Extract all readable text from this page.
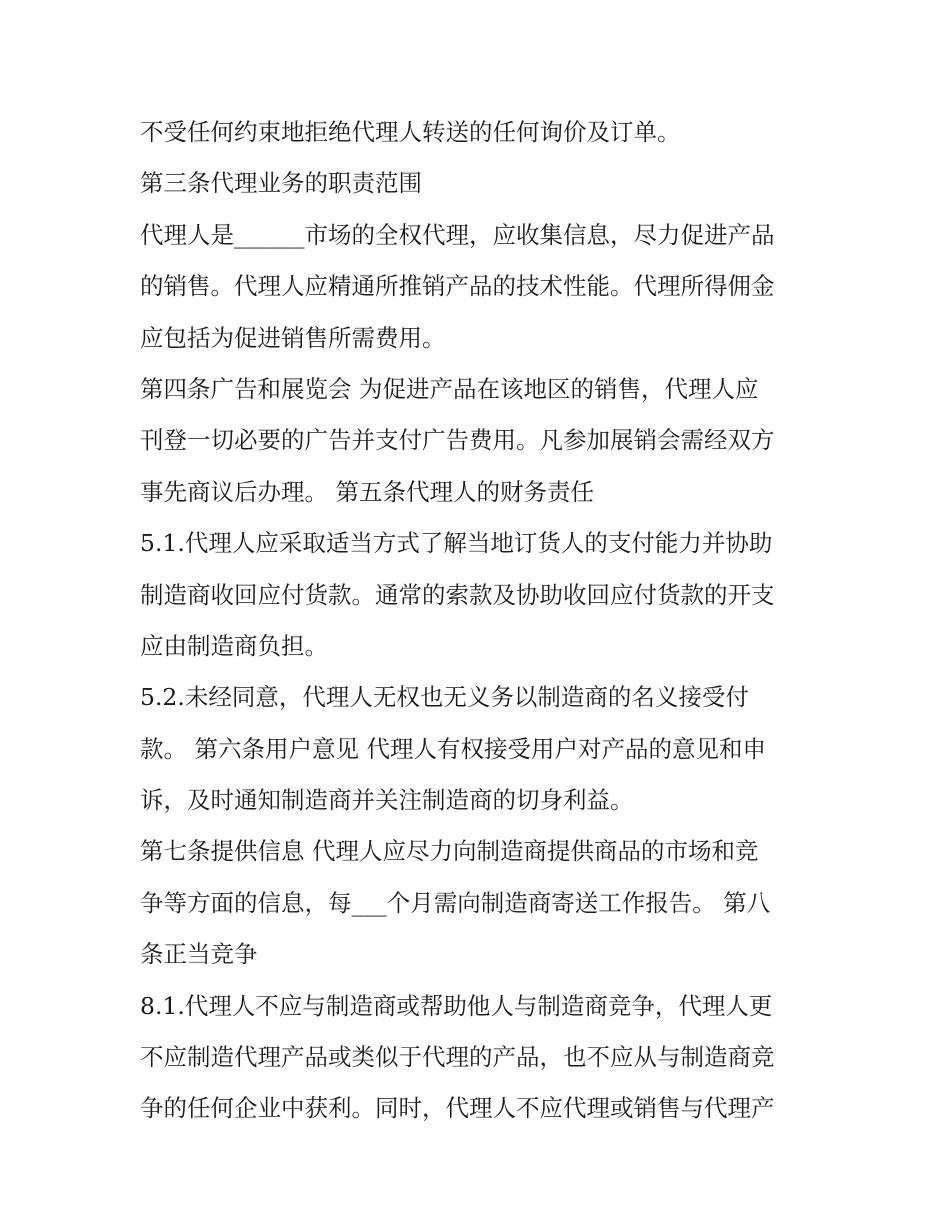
不受任何约束地拒绝代理人转送的任何询价及订单。
第三条代理业务的职责范围
代理人是______市场的全权代理，应收集信息，尽力促进产品
的销售。代理人应精通所推销产品的技术性能。代理所得佣金
应包括为促进销售所需费用。
第四条广告和展览会 为促进产品在该地区的销售，代理人应
刊登一切必要的广告并支付广告费用。凡参加展销会需经双方
事先商议后办理。 第五条代理人的财务责任
5.1.代理人应采取适当方式了解当地订货人的支付能力并协助
制造商收回应付货款。通常的索款及协助收回应付货款的开支
应由制造商负担。
5.2.未经同意，代理人无权也无义务以制造商的名义接受付
款。 第六条用户意见 代理人有权接受用户对产品的意见和申
诉，及时通知制造商并关注制造商的切身利益。
第七条提供信息 代理人应尽力向制造商提供商品的市场和竞
争等方面的信息，每___个月需向制造商寄送工作报告。 第八
条正当竞争
8.1.代理人不应与制造商或帮助他人与制造商竞争，代理人更
不应制造代理产品或类似于代理的产品，也不应从与制造商竞
争的任何企业中获利。同时，代理人不应代理或销售与代理产
